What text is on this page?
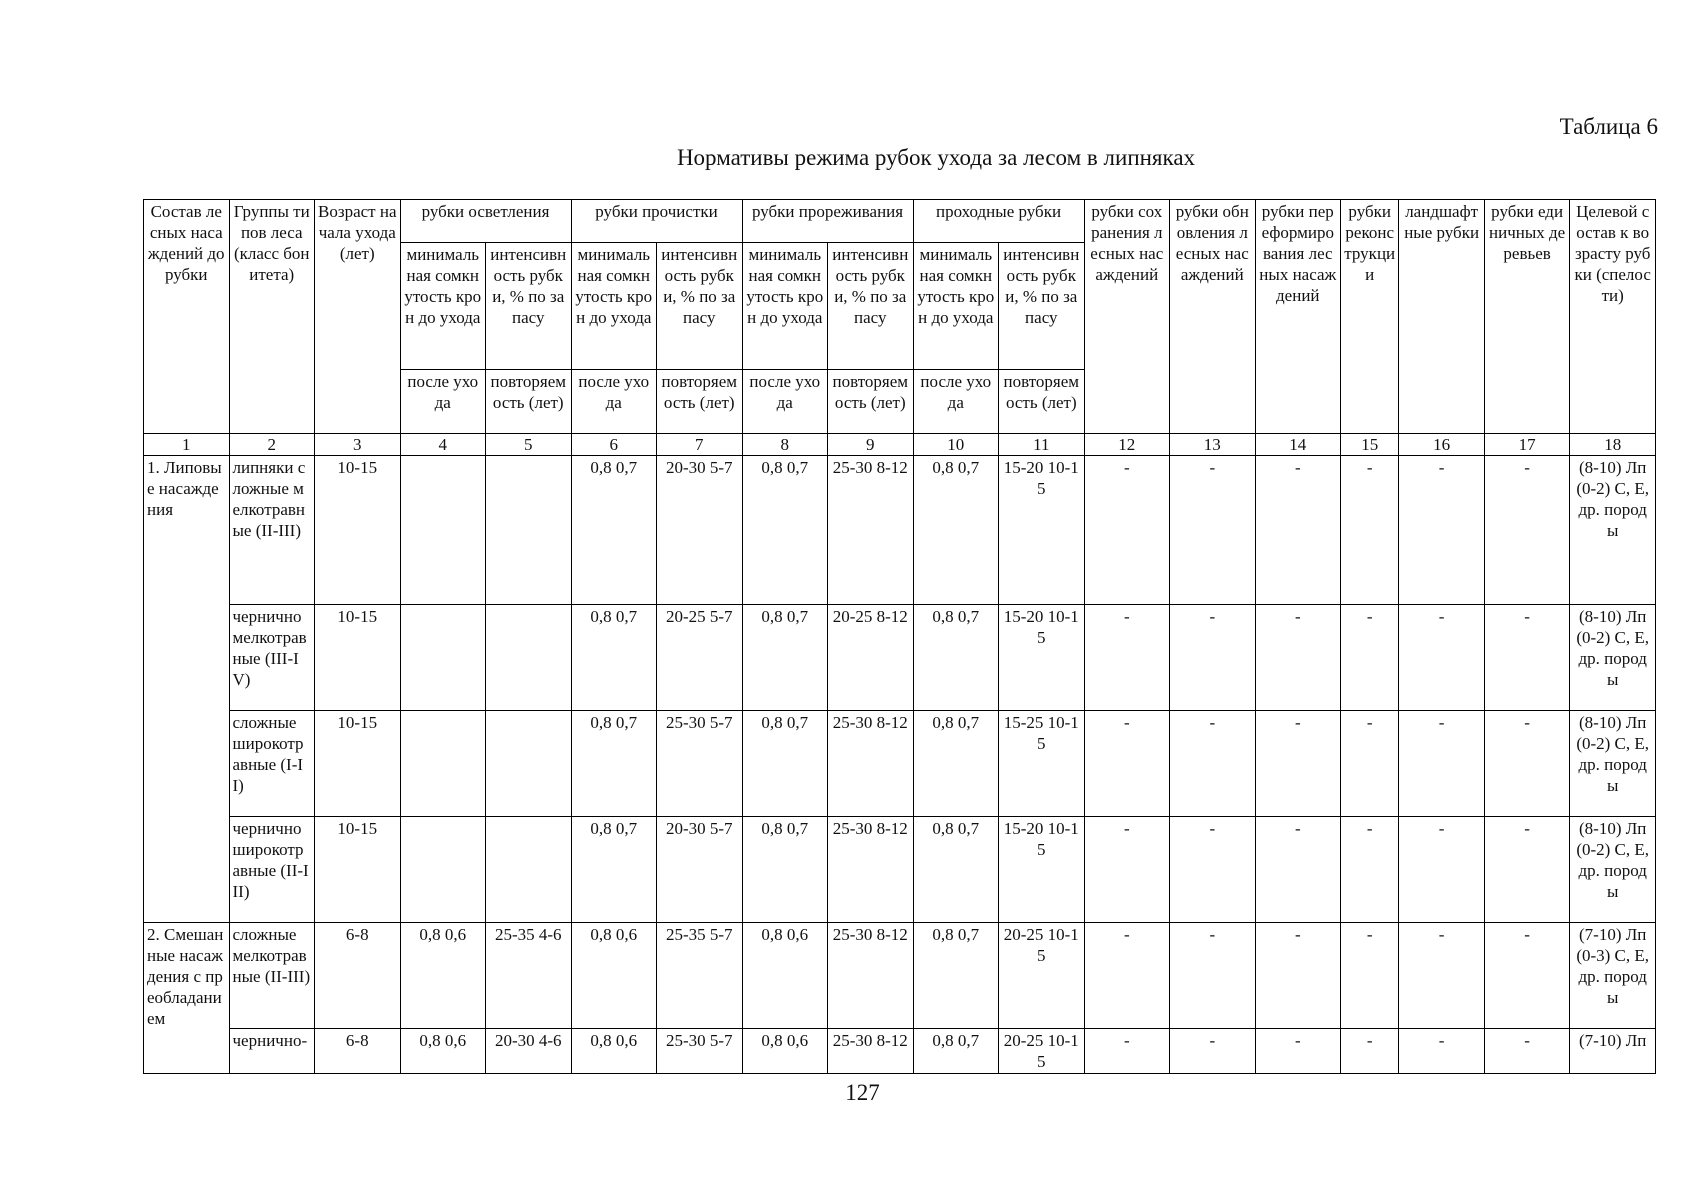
Таблица 6
Нормативы режима рубок ухода за лесом в липняках
Состав лесных насаждений до рубки	Группы типов леса (класс бонитета)	Возраст начала ухода (лет)	рубки осветления		рубки прочистки		рубки прореживания		проходные рубки		рубки сохранения лесных насаждений	рубки обновления лесных насаждений	рубки переформирования лесных насаждений	рубки реконструкции	ландшафтные рубки	рубки единичных деревьев	Целевой состав к возрасту рубки (спелости)
			минимальная сомкнутость крон до ухода	интенсивность рубки, % по запасу	минимальная сомкнутость крон до ухода	интенсивность рубки, % по запасу	минимальная сомкнутость крон до ухода	интенсивность рубки, % по запасу	минимальная сомкнутость крон до ухода	интенсивность рубки, % по запасу							
			после ухода	повторяем ость (лет)	после ухода	повторяемость (лет)	после ухода	повторяемость (лет)	после ухода	повторяемость (лет)							
1	2	3	4	5	6	7	8	9	10	11	12	13	14	15	16	17	18
1. Липовые насаждения	липняки сложные мелкотравные (II-III)	10-15			0,8 0,7	20-30 5-7	0,8 0,7	25-30 8-12	0,8 0,7	15-20 10-15	-	-	-	-	-	-	(8-10) Лп (0-2) С, Е, др. породы
	черничномелкотравные (III-IV)	10-15			0,8 0,7	20-25 5-7	0,8 0,7	20-25 8-12	0,8 0,7	15-20 10-15	-	-	-	-	-	-	(8-10) Лп (0-2) С, Е, др. породы
	сложные широкотравные (I-II)	10-15			0,8 0,7	25-30 5-7	0,8 0,7	25-30 8-12	0,8 0,7	15-25 10-15	-	-	-	-	-	-	(8-10) Лп (0-2) С, Е, др. породы
	черничноширокотравные (II-III)	10-15			0,8 0,7	20-30 5-7	0,8 0,7	25-30 8-12	0,8 0,7	15-20 10-15	-	-	-	-	-	-	(8-10) Лп (0-2) С, Е, др. породы
2. Смешанные насаждения с преобладанием	сложные мелкотравные (II-III)	6-8	0,8 0,6	25-35 4-6	0,8 0,6	25-35 5-7	0,8 0,6	25-30 8-12	0,8 0,7	20-25 10-15	-	-	-	-	-	-	(7-10) Лп (0-3) С, Е, др. породы
	чернично-	6-8	0,8 0,6	20-30 4-6	0,8 0,6	25-30 5-7	0,8 0,6	25-30 8-12	0,8 0,7	20-25 10-15	-	-	-	-	-	-	(7-10) Лп
127
